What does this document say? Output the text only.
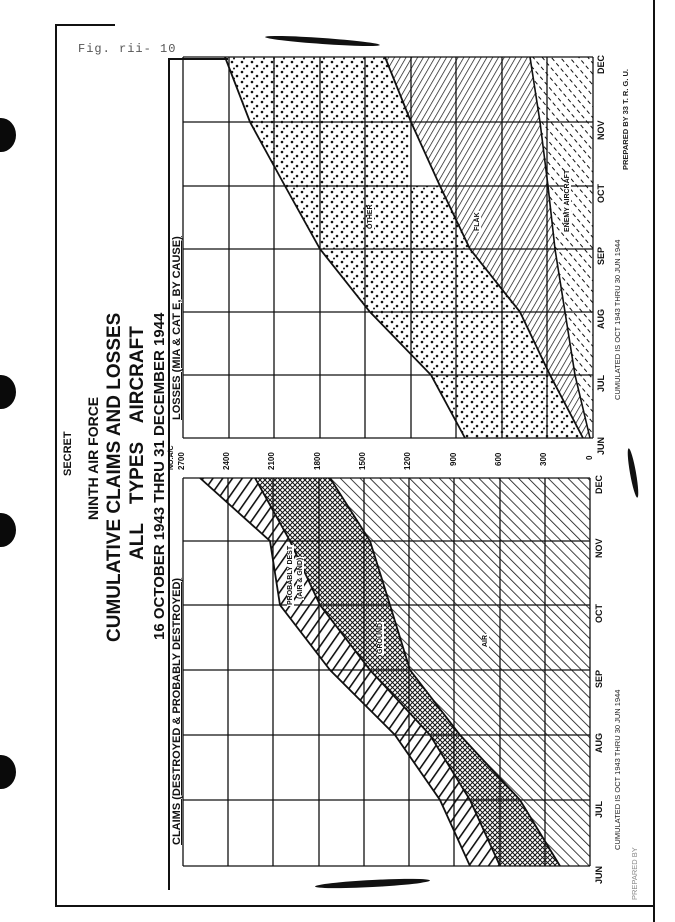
Fig. rii- 10
SECRET NINTH AIR FORCE CUMULATIVE CLAIMS AND LOSSES ALL TYPES AIRCRAFT 16 OCTOBER 1943 THRU 31 DECEMBER 1944
CLAIMS (DESTROYED & PROBABLY DESTROYED)
LOSSES (MIA & CAT E, BY CAUSE)
NO.A/C 2700	2400	2100	1800	1500	1200	900	600	300	0
JUN
JUL
AUG
SEP
OCT
NOV
DEC
JUN
JUL
AUG
SEP
OCT
NOV
DEC
AIR
GROUND
PROBABLY DEST (AIR & GND)
OTHER	FLAK	ENEMY AIRCRAFT
CUMULATED IS OCT 1943 THRU 30 JUN 1944
PREPARED BY
CUMULATED IS OCT 1943 THRU 30 JUN 1944
PREPARED BY 33 T. R. G. U.
